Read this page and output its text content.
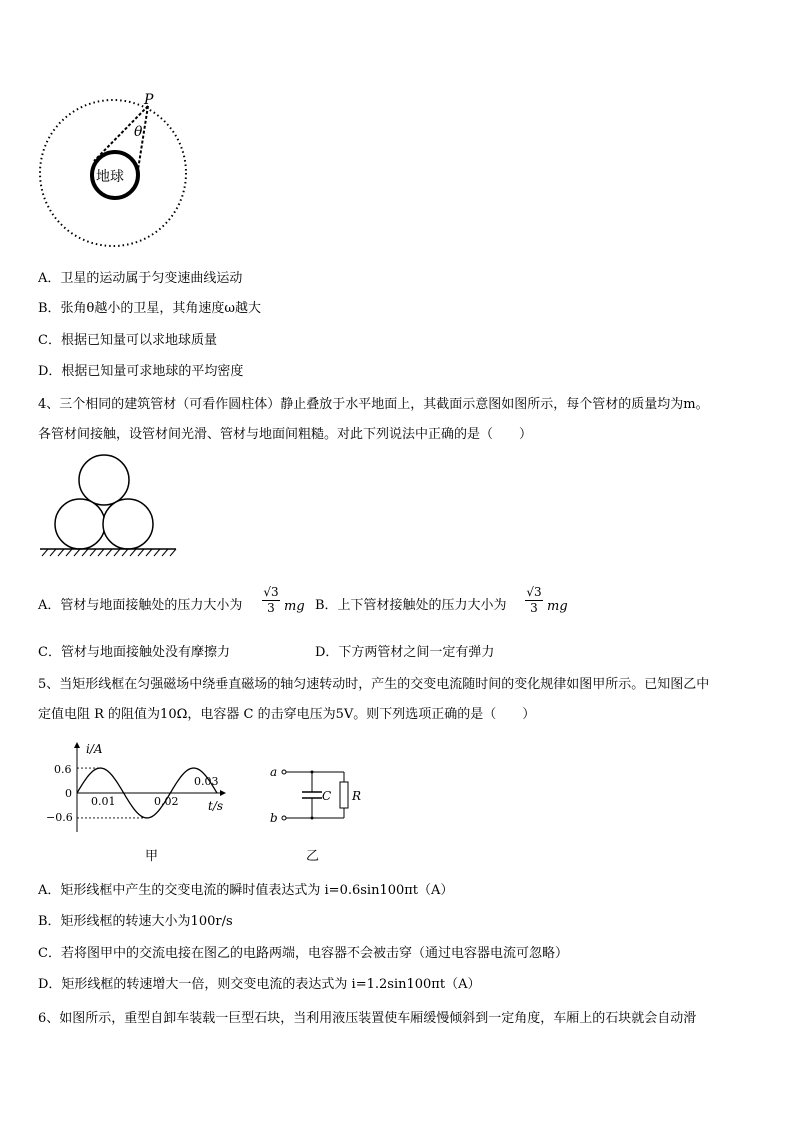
P
θ
地球
A．卫星的运动属于匀变速曲线运动
B．张角θ越小的卫星，其角速度ω越大
C．根据已知量可以求地球质量
D．根据已知量可求地球的平均密度
4、三个相同的建筑管材（可看作圆柱体）静止叠放于水平地面上，其截面示意图如图所示，每个管材的质量均为m。
各管材间接触，设管材间光滑、管材与地面间粗糙。对此下列说法中正确的是（　　）
A．管材与地面接触处的压力大小为
√3
3 mg B．上下管材接触处的压力大小为
√3
3 mg
C．管材与地面接触处没有摩擦力	D．下方两管材之间一定有弹力
5、当矩形线框在匀强磁场中绕垂直磁场的轴匀速转动时，产生的交变电流随时间的变化规律如图甲所示。已知图乙中
定值电阻 R 的阻值为10Ω，电容器 C 的击穿电压为5V。则下列选项正确的是（　　）
i/A
t/s
0.6
0
−0.6
0.01	0.02
0.03
甲
a
b
C R
乙
A．矩形线框中产生的交变电流的瞬时值表达式为 i=0.6sin100πt（A）
B．矩形线框的转速大小为100r/s
C．若将图甲中的交流电接在图乙的电路两端，电容器不会被击穿（通过电容器电流可忽略）
D．矩形线框的转速增大一倍，则交变电流的表达式为 i=1.2sin100πt（A）
6、如图所示，重型自卸车装载一巨型石块，当利用液压装置使车厢缓慢倾斜到一定角度，车厢上的石块就会自动滑
